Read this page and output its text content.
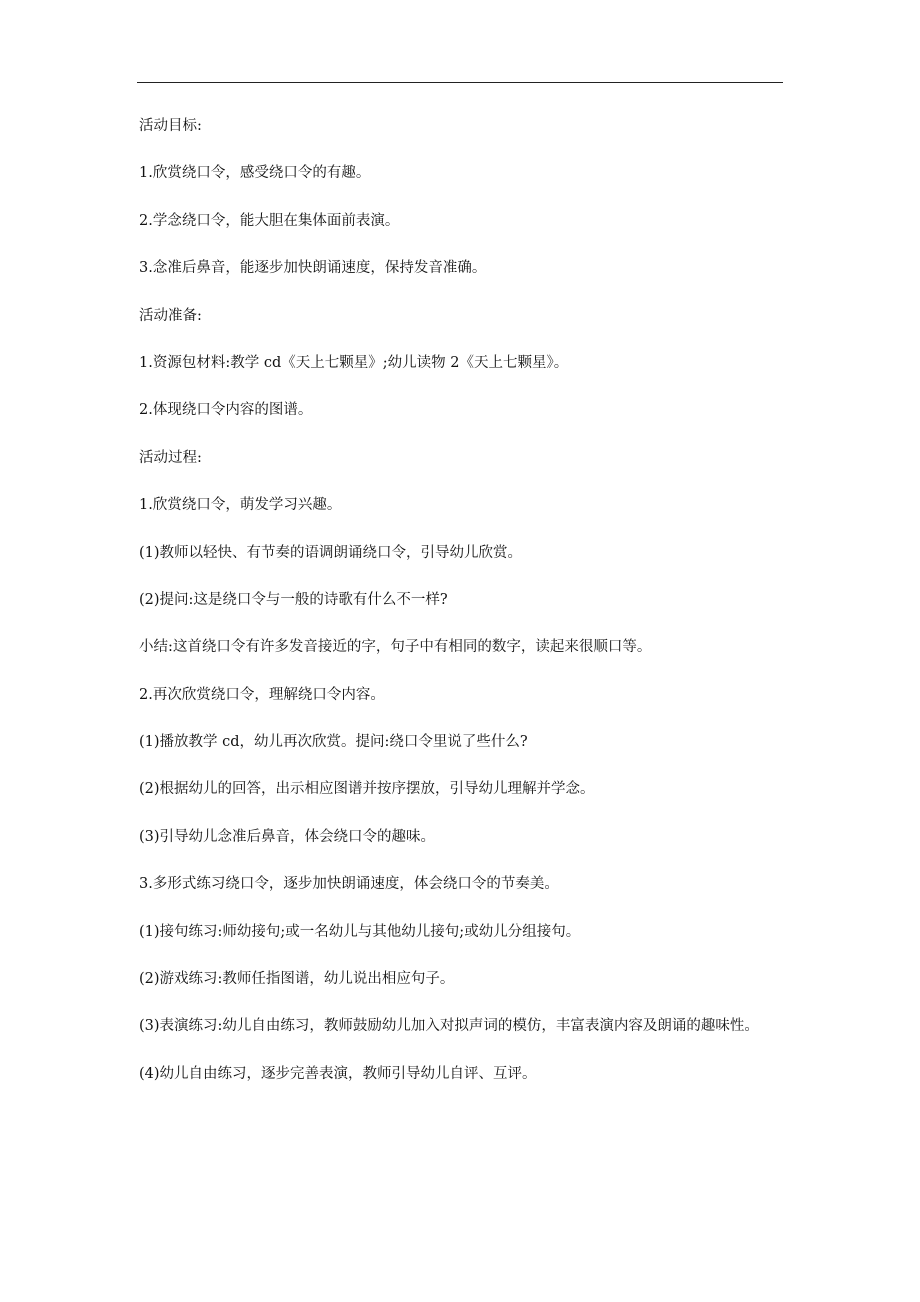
活动目标:

1.欣赏绕口令，感受绕口令的有趣。

2.学念绕口令，能大胆在集体面前表演。

3.念准后鼻音，能逐步加快朗诵速度，保持发音准确。

活动准备:

1.资源包材料:教学 cd《天上七颗星》;幼儿读物 2《天上七颗星》。

2.体现绕口令内容的图谱。

活动过程:

1.欣赏绕口令，萌发学习兴趣。

(1)教师以轻快、有节奏的语调朗诵绕口令，引导幼儿欣赏。

(2)提问:这是绕口令与一般的诗歌有什么不一样?

小结:这首绕口令有许多发音接近的字，句子中有相同的数字，读起来很顺口等。

2.再次欣赏绕口令，理解绕口令内容。

(1)播放教学 cd，幼儿再次欣赏。提问:绕口令里说了些什么?

(2)根据幼儿的回答，出示相应图谱并按序摆放，引导幼儿理解并学念。

(3)引导幼儿念准后鼻音，体会绕口令的趣味。

3.多形式练习绕口令，逐步加快朗诵速度，体会绕口令的节奏美。

(1)接句练习:师幼接句;或一名幼儿与其他幼儿接句;或幼儿分组接句。

(2)游戏练习:教师任指图谱，幼儿说出相应句子。

(3)表演练习:幼儿自由练习，教师鼓励幼儿加入对拟声词的模仿，丰富表演内容及朗诵的趣味性。

(4)幼儿自由练习，逐步完善表演，教师引导幼儿自评、互评。
